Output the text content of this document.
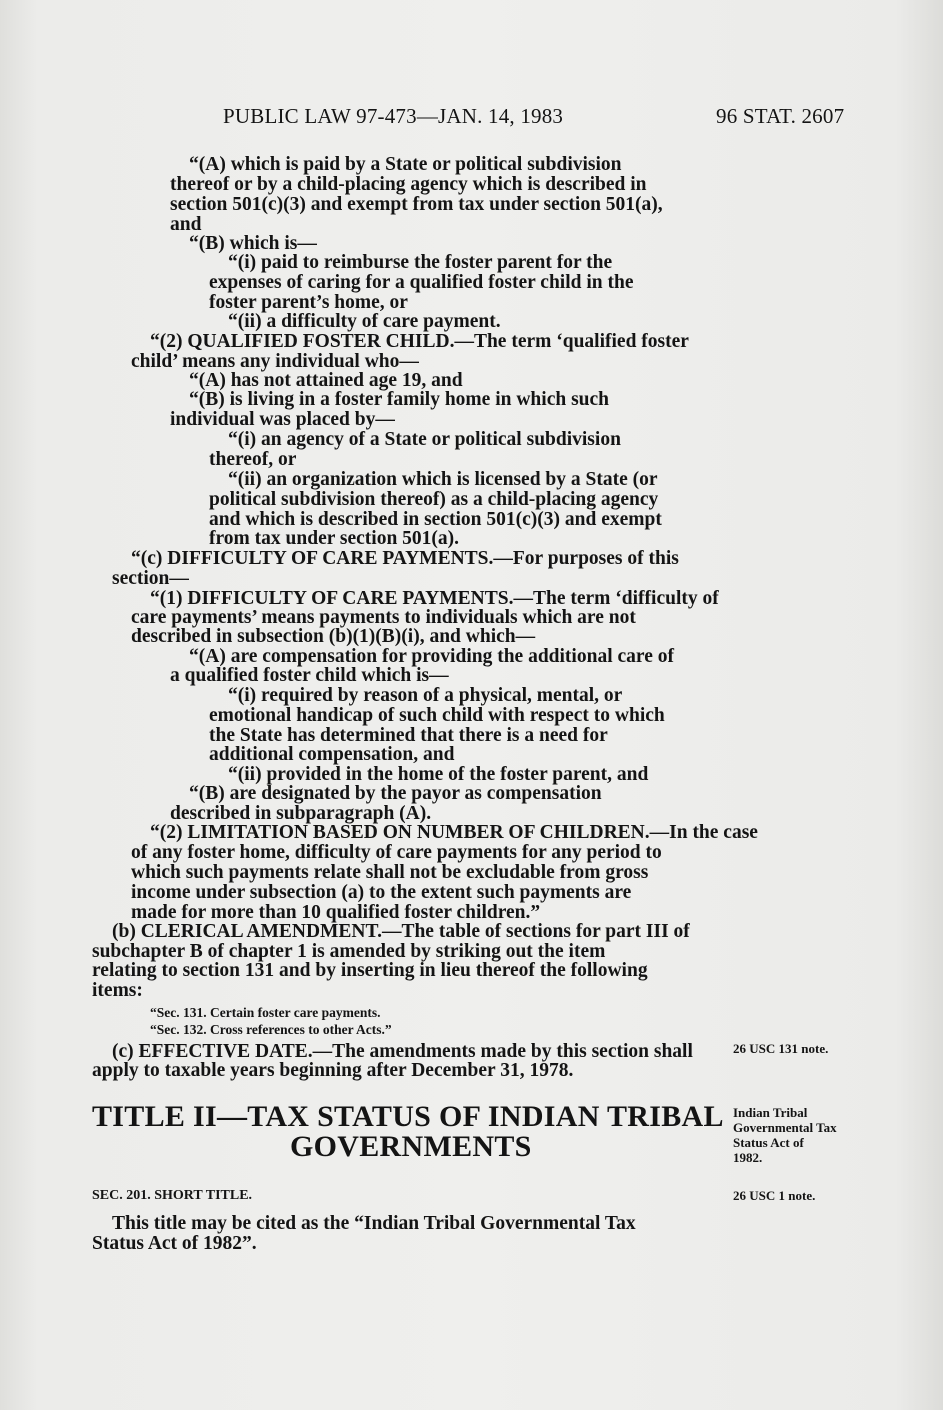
PUBLIC LAW 97-473—JAN. 14, 1983	96 STAT. 2607
“(A) which is paid by a State or political subdivision
thereof or by a child-placing agency which is described in
section 501(c)(3) and exempt from tax under section 501(a),
and
“(B) which is—
“(i) paid to reimburse the foster parent for the
expenses of caring for a qualified foster child in the
foster parent’s home, or
“(ii) a difficulty of care payment.
“(2) QUALIFIED FOSTER CHILD.—The term ‘qualified foster
child’ means any individual who—
“(A) has not attained age 19, and
“(B) is living in a foster family home in which such
individual was placed by—
“(i) an agency of a State or political subdivision
thereof, or
“(ii) an organization which is licensed by a State (or
political subdivision thereof) as a child-placing agency
and which is described in section 501(c)(3) and exempt
from tax under section 501(a).
“(c) DIFFICULTY OF CARE PAYMENTS.—For purposes of this
section—
“(1) DIFFICULTY OF CARE PAYMENTS.—The term ‘difficulty of
care payments’ means payments to individuals which are not
described in subsection (b)(1)(B)(i), and which—
“(A) are compensation for providing the additional care of
a qualified foster child which is—
“(i) required by reason of a physical, mental, or
emotional handicap of such child with respect to which
the State has determined that there is a need for
additional compensation, and
“(ii) provided in the home of the foster parent, and
“(B) are designated by the payor as compensation
described in subparagraph (A).
“(2) LIMITATION BASED ON NUMBER OF CHILDREN.—In the case
of any foster home, difficulty of care payments for any period to
which such payments relate shall not be excludable from gross
income under subsection (a) to the extent such payments are
made for more than 10 qualified foster children.”
(b) CLERICAL AMENDMENT.—The table of sections for part III of
subchapter B of chapter 1 is amended by striking out the item
relating to section 131 and by inserting in lieu thereof the following
items:
“Sec. 131. Certain foster care payments.
“Sec. 132. Cross references to other Acts.”
(c) EFFECTIVE DATE.—The amendments made by this section shall
apply to taxable years beginning after December 31, 1978.
TITLE II—TAX STATUS OF INDIAN TRIBAL
GOVERNMENTS
SEC. 201. SHORT TITLE.
This title may be cited as the “Indian Tribal Governmental Tax
Status Act of 1982”.
26 USC 131 note.
Indian Tribal
Governmental Tax
Status Act of
1982.
26 USC 1 note.
